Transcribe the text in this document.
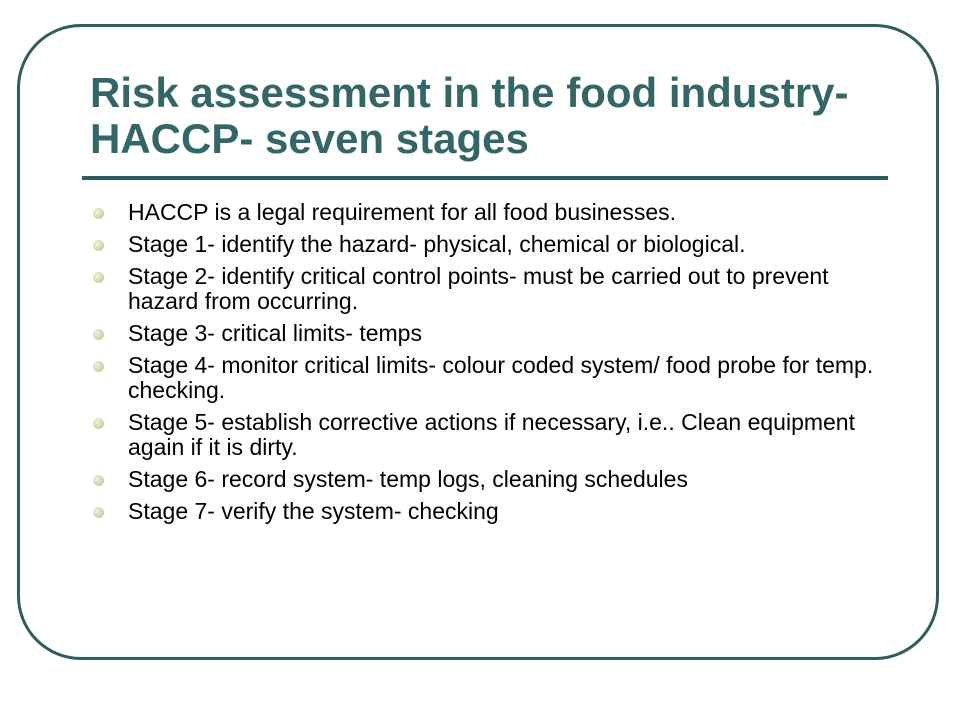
Risk assessment in the food industry-HACCP- seven stages
HACCP is a legal requirement for all food businesses.
Stage 1- identify the hazard- physical, chemical or biological.
Stage 2- identify critical control points- must be carried out to prevent hazard from occurring.
Stage 3- critical limits- temps
Stage 4- monitor critical limits- colour coded system/ food probe for temp. checking.
Stage 5- establish corrective actions if necessary, i.e.. Clean equipment again if it is dirty.
Stage 6- record system- temp logs, cleaning schedules
Stage 7- verify the system- checking
